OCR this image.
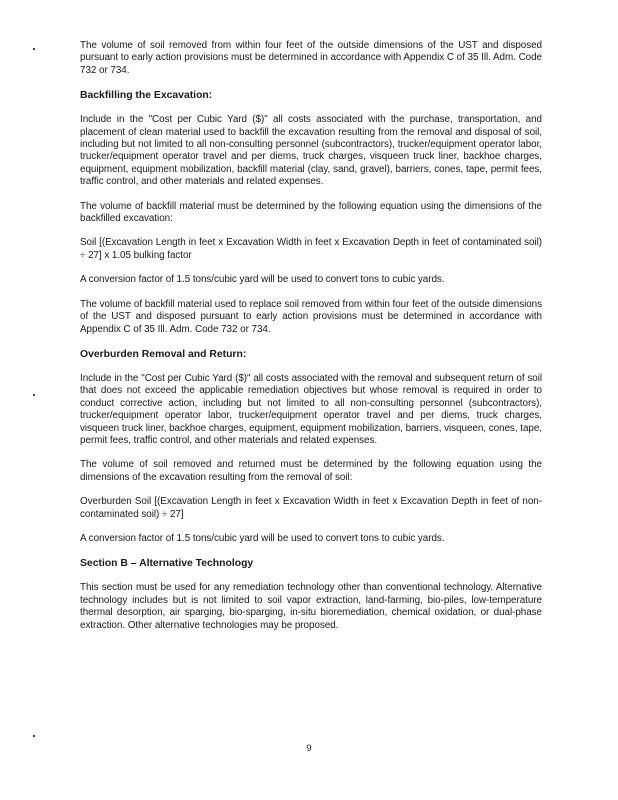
The volume of soil removed from within four feet of the outside dimensions of the UST and disposed pursuant to early action provisions must be determined in accordance with Appendix C of 35 Ill. Adm. Code 732 or 734.

Backfilling the Excavation:

Include in the "Cost per Cubic Yard ($)" all costs associated with the purchase, transportation, and placement of clean material used to backfill the excavation resulting from the removal and disposal of soil, including but not limited to all non-consulting personnel (subcontractors), trucker/equipment operator labor, trucker/equipment operator travel and per diems, truck charges, visqueen truck liner, backhoe charges, equipment, equipment mobilization, backfill material (clay, sand, gravel), barriers, cones, tape, permit fees, traffic control, and other materials and related expenses.

The volume of backfill material must be determined by the following equation using the dimensions of the backfilled excavation:

Soil [(Excavation Length in feet x Excavation Width in feet x Excavation Depth in feet of contaminated soil) ÷ 27] x 1.05 bulking factor

A conversion factor of 1.5 tons/cubic yard will be used to convert tons to cubic yards.

The volume of backfill material used to replace soil removed from within four feet of the outside dimensions of the UST and disposed pursuant to early action provisions must be determined in accordance with Appendix C of 35 Ill. Adm. Code 732 or 734.

Overburden Removal and Return:

Include in the "Cost per Cubic Yard ($)" all costs associated with the removal and subsequent return of soil that does not exceed the applicable remediation objectives but whose removal is required in order to conduct corrective action, including but not limited to all non-consulting personnel (subcontractors), trucker/equipment operator labor, trucker/equipment operator travel and per diems, truck charges, visqueen truck liner, backhoe charges, equipment, equipment mobilization, barriers, visqueen, cones, tape, permit fees, traffic control, and other materials and related expenses.

The volume of soil removed and returned must be determined by the following equation using the dimensions of the excavation resulting from the removal of soil:

Overburden Soil [(Excavation Length in feet x Excavation Width in feet x Excavation Depth in feet of non-contaminated soil) ÷ 27]

A conversion factor of 1.5 tons/cubic yard will be used to convert tons to cubic yards.

Section B – Alternative Technology

This section must be used for any remediation technology other than conventional technology. Alternative technology includes but is not limited to soil vapor extraction, land-farming, bio-piles, low-temperature thermal desorption, air sparging, bio-sparging, in-situ bioremediation, chemical oxidation, or dual-phase extraction. Other alternative technologies may be proposed.

9
